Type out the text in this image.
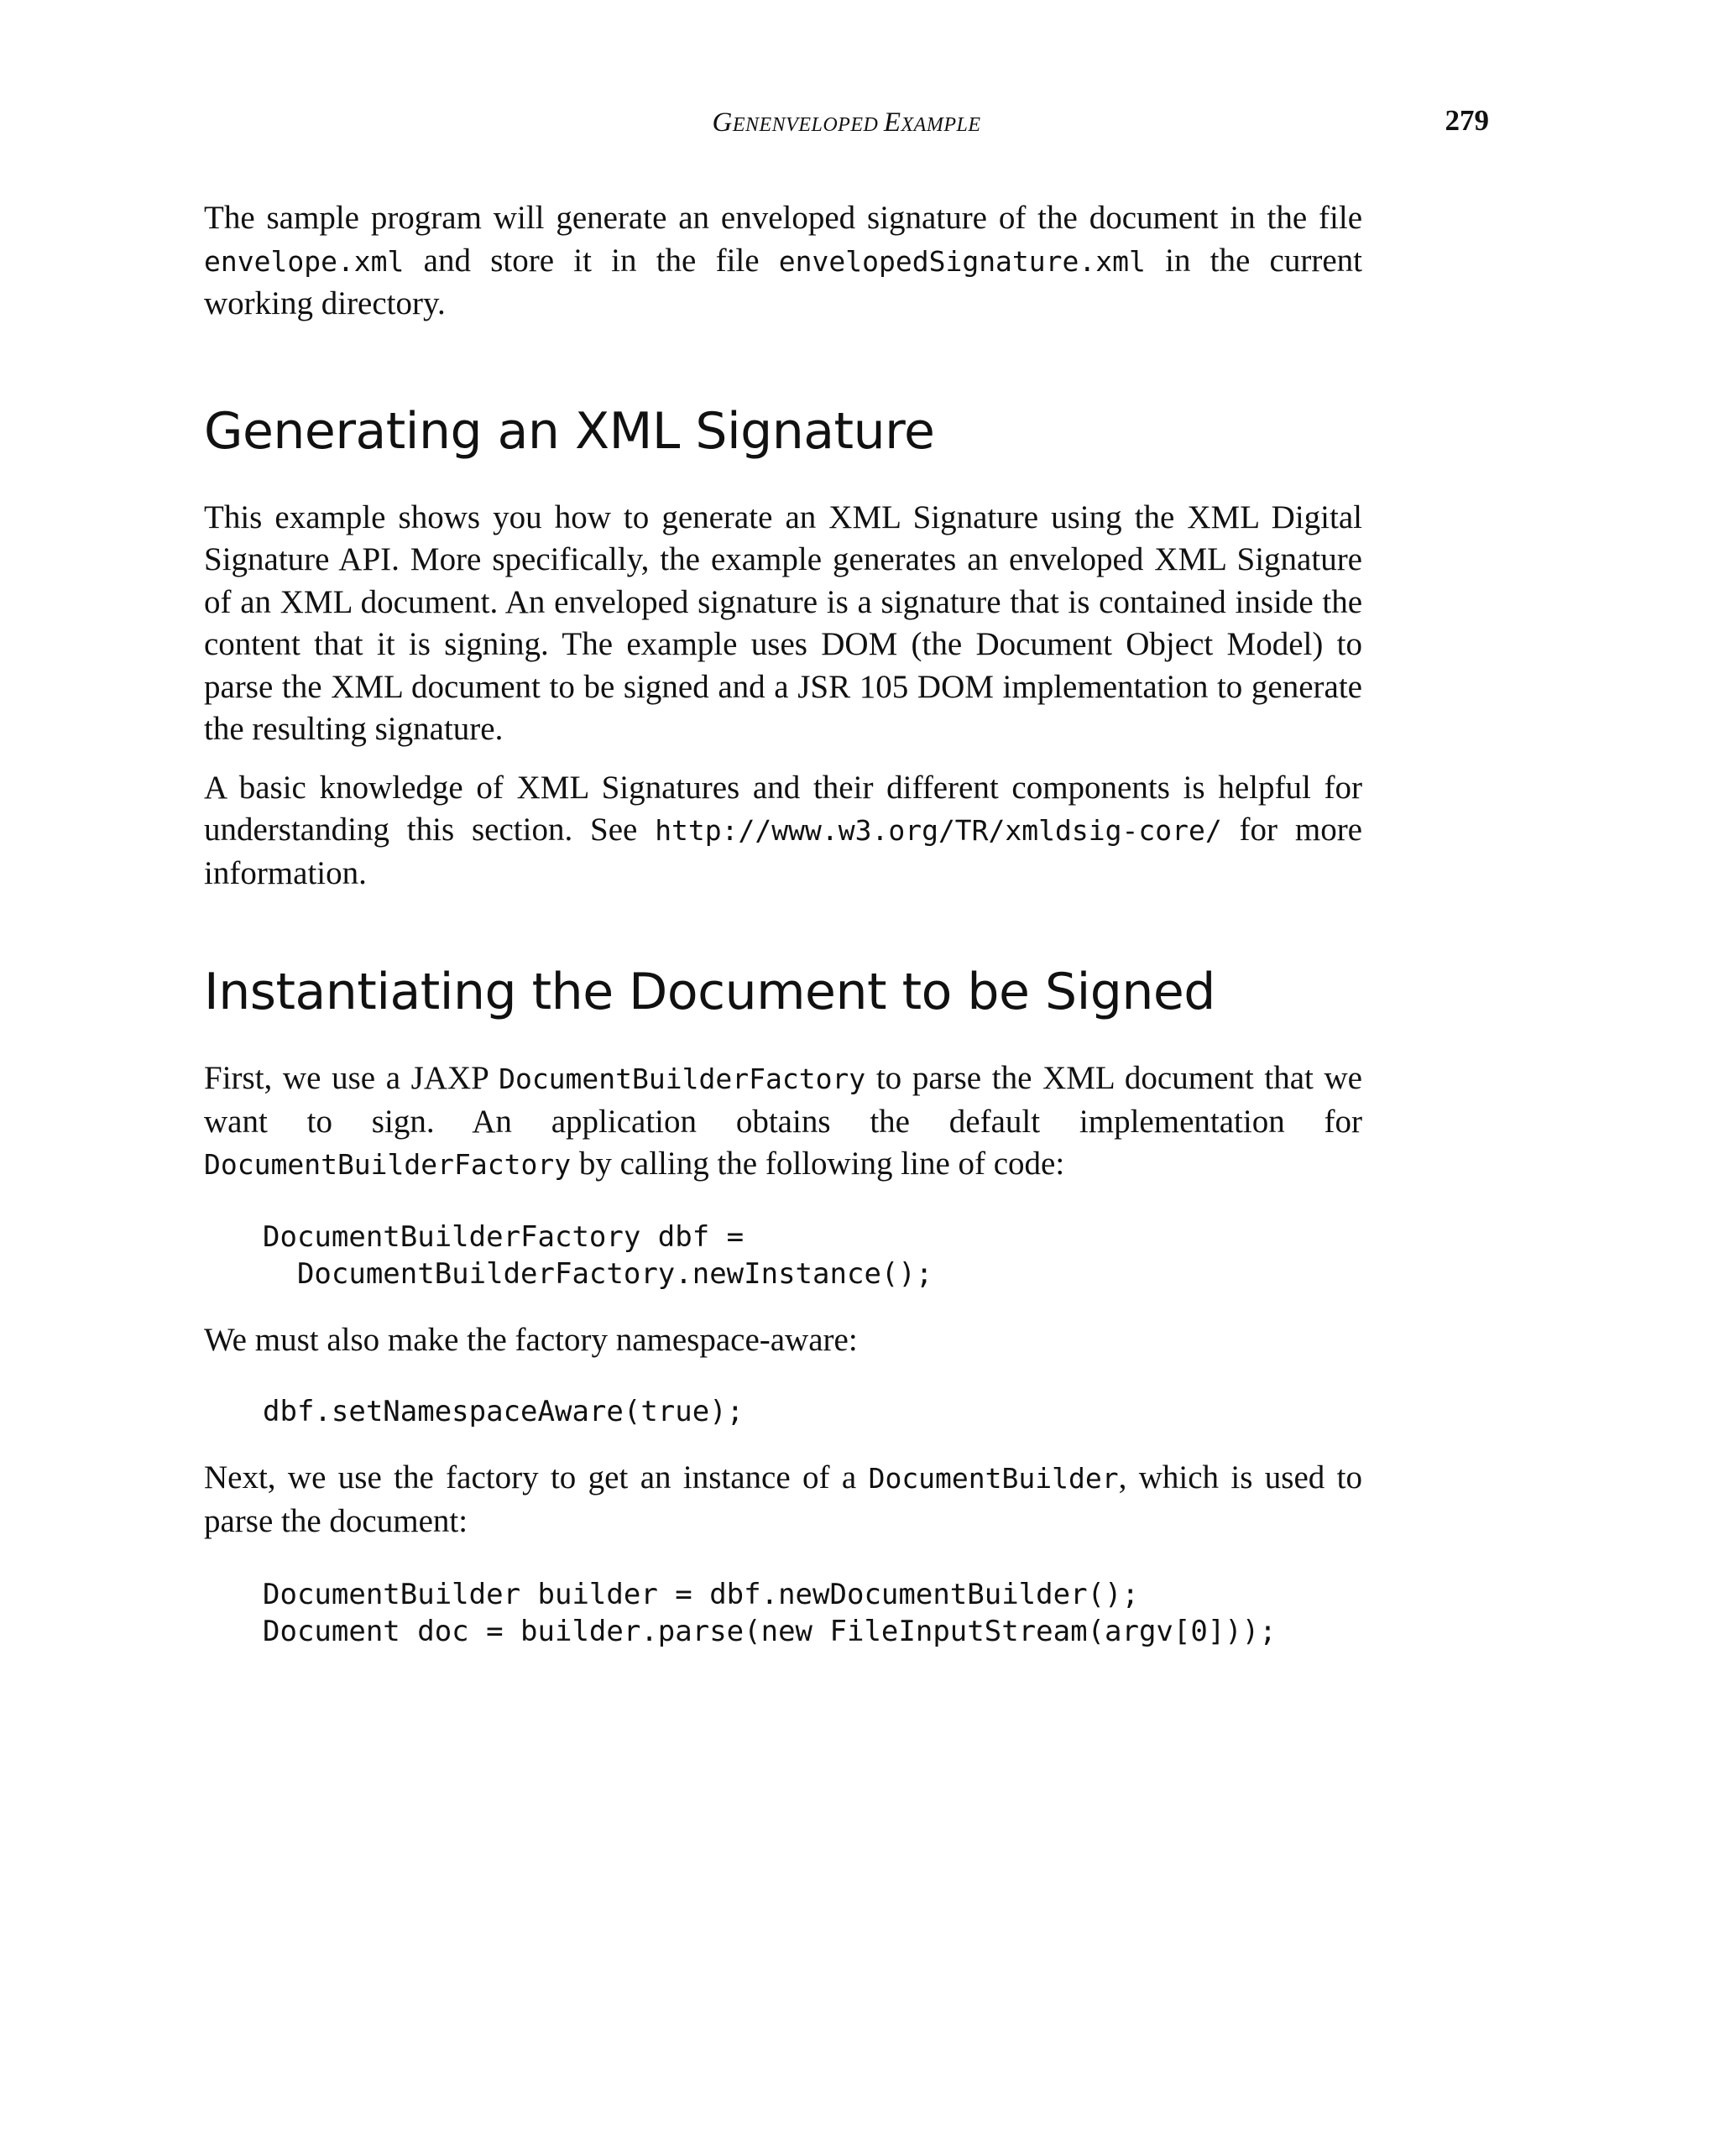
GENENVELOPED EXAMPLE	279

The sample program will generate an enveloped signature of the document in the file envelope.xml and store it in the file envelopedSignature.xml in the current working directory.

Generating an XML Signature

This example shows you how to generate an XML Signature using the XML Digital Signature API. More specifically, the example generates an enveloped XML Signature of an XML document. An enveloped signature is a signature that is contained inside the content that it is signing. The example uses DOM (the Document Object Model) to parse the XML document to be signed and a JSR 105 DOM implementation to generate the resulting signature.

A basic knowledge of XML Signatures and their different components is helpful for understanding this section. See http://www.w3.org/TR/xmldsig-core/ for more information.

Instantiating the Document to be Signed

First, we use a JAXP DocumentBuilderFactory to parse the XML document that we want to sign. An application obtains the default implementation for DocumentBuilderFactory by calling the following line of code:

DocumentBuilderFactory dbf =
DocumentBuilderFactory.newInstance();

We must also make the factory namespace-aware:

dbf.setNamespaceAware(true);

Next, we use the factory to get an instance of a DocumentBuilder, which is used to parse the document:

DocumentBuilder builder = dbf.newDocumentBuilder();
Document doc = builder.parse(new FileInputStream(argv[0]));
